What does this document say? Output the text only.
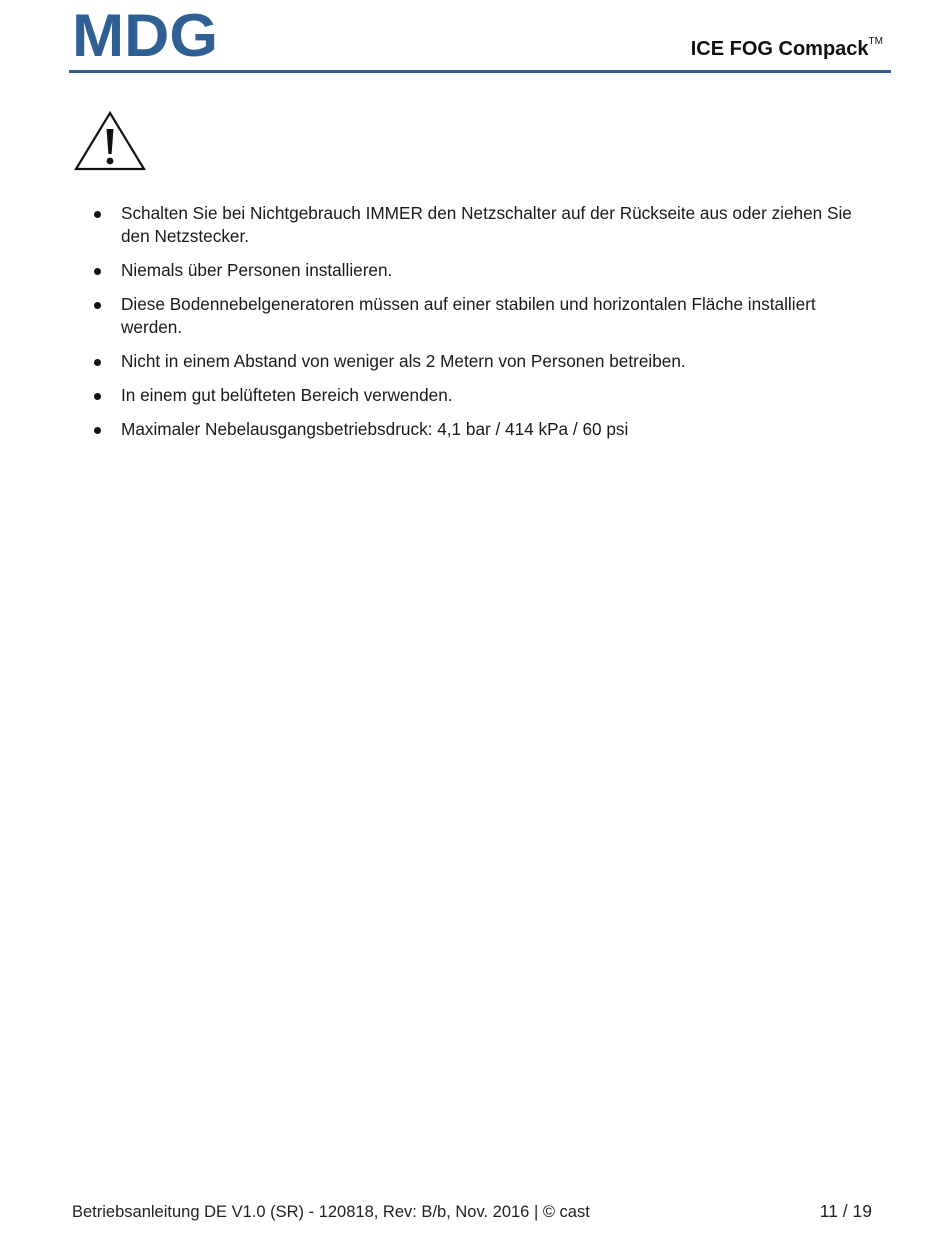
MDG	ICE FOG Compack™
Schalten Sie bei Nichtgebrauch IMMER den Netzschalter auf der Rückseite aus oder ziehen Sie den Netzstecker.
Niemals über Personen installieren.
Diese Bodennebelgeneratoren müssen auf einer stabilen und horizontalen Fläche installiert werden.
Nicht in einem Abstand von weniger als 2 Metern von Personen betreiben.
In einem gut belüfteten Bereich verwenden.
Maximaler Nebelausgangsbetriebsdruck: 4,1 bar / 414 kPa / 60 psi
Betriebsanleitung DE V1.0 (SR) - 120818, Rev: B/b, Nov. 2016 | © cast	11 / 19
